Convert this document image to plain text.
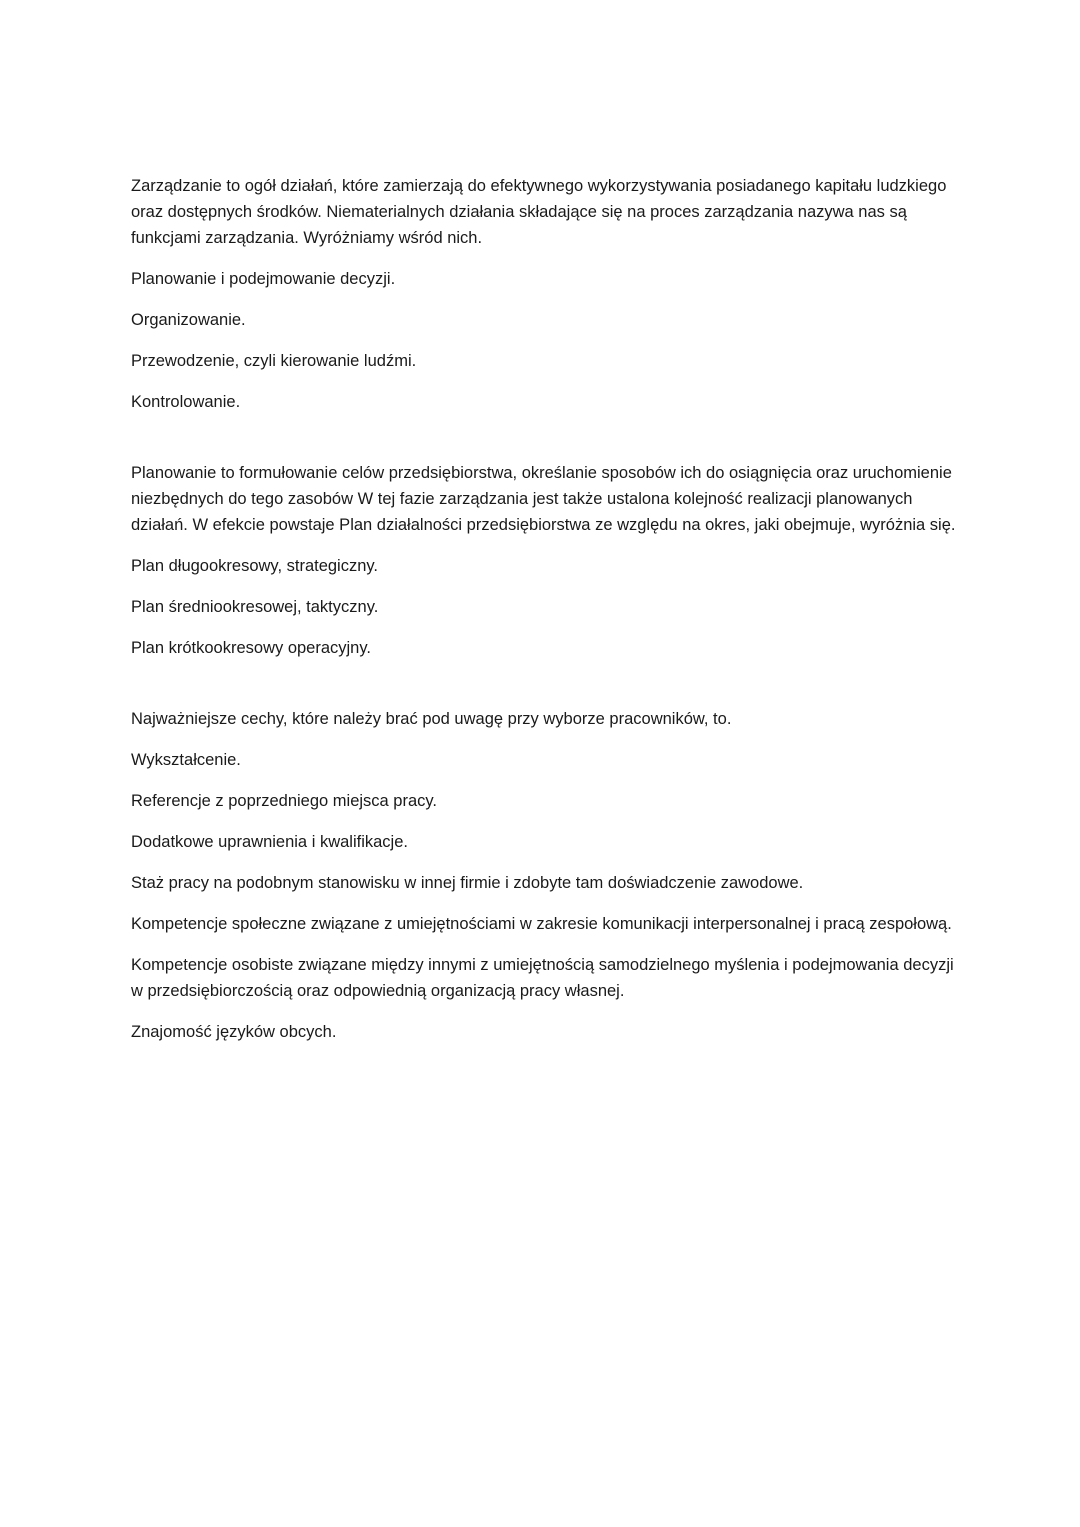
Zarządzanie to ogół działań, które zamierzają do efektywnego wykorzystywania posiadanego kapitału ludzkiego oraz dostępnych środków. Niematerialnych działania składające się na proces zarządzania nazywa nas są funkcjami zarządzania. Wyróżniamy wśród nich.

Planowanie i podejmowanie decyzji.

Organizowanie.

Przewodzenie, czyli kierowanie ludźmi.

Kontrolowanie.

Planowanie to formułowanie celów przedsiębiorstwa, określanie sposobów ich do osiągnięcia oraz uruchomienie niezbędnych do tego zasobów W tej fazie zarządzania jest także ustalona kolejność realizacji planowanych działań. W efekcie powstaje Plan działalności przedsiębiorstwa ze względu na okres, jaki obejmuje, wyróżnia się.

Plan długookresowy, strategiczny.

Plan średniookresowej, taktyczny.

Plan krótkookresowy operacyjny.

Najważniejsze cechy, które należy brać pod uwagę przy wyborze pracowników, to.

Wykształcenie.

Referencje z poprzedniego miejsca pracy.

Dodatkowe uprawnienia i kwalifikacje.

Staż pracy na podobnym stanowisku w innej firmie i zdobyte tam doświadczenie zawodowe.

Kompetencje społeczne związane z umiejętnościami w zakresie komunikacji interpersonalnej i pracą zespołową.

Kompetencje osobiste związane między innymi z umiejętnością samodzielnego myślenia i podejmowania decyzji w przedsiębiorczością oraz odpowiednią organizacją pracy własnej.

Znajomość języków obcych.
